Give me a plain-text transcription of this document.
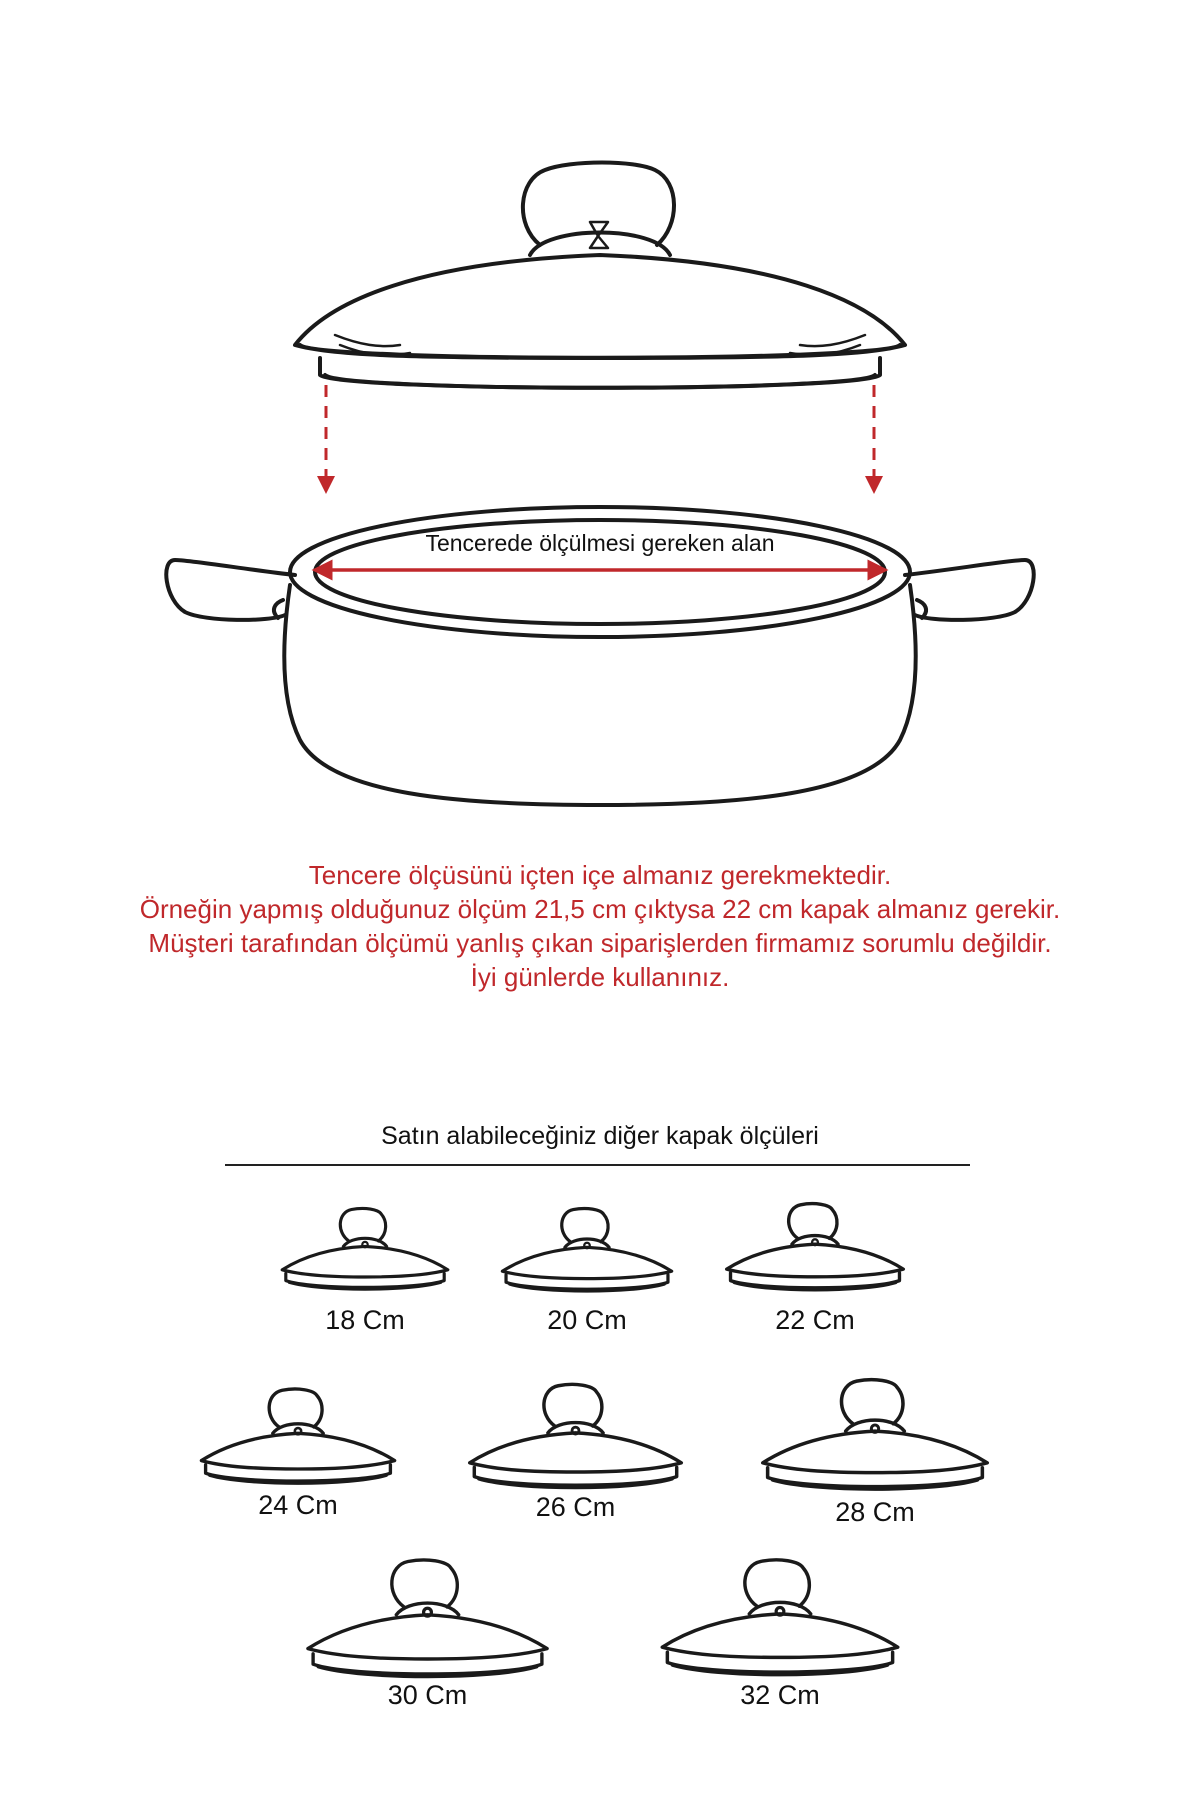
Tencerede ölçülmesi gereken alan
Tencere ölçüsünü içten içe almanız gerekmektedir.
Örneğin yapmış olduğunuz ölçüm 21,5 cm çıktysa 22 cm kapak almanız gerekir.
Müşteri tarafından ölçümü yanlış çıkan siparişlerden firmamız sorumlu değildir.
İyi günlerde kullanınız.
Satın alabileceğiniz diğer kapak ölçüleri
18 Cm	20 Cm	22 Cm
24 Cm	26 Cm	28 Cm
30 Cm	32 Cm
